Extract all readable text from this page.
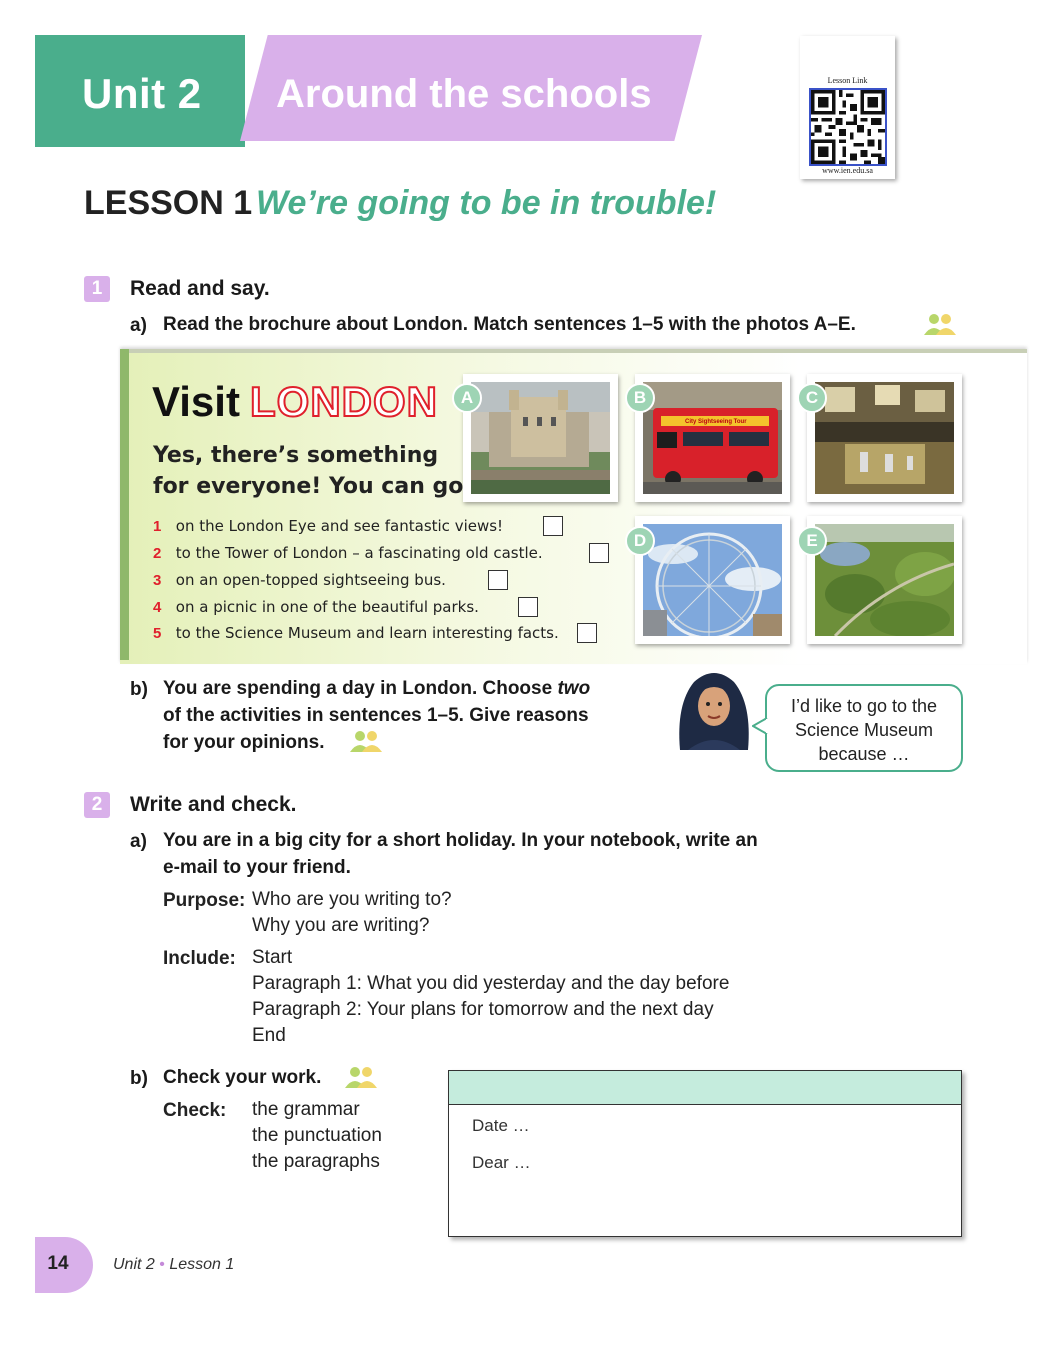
Unit 2 Around the schools	Lesson Link
www.ien.edu.sa
LESSON 1 We’re going to be in trouble!
1	Read and say.
a) Read the brochure about London. Match sentences 1–5 with the photos A–E.
Visit LONDON
Yes, there’s something
for everyone! You can go
1 on the London Eye and see fantastic views!
2 to the Tower of London – a fascinating old castle.
3 on an open-topped sightseeing bus.
4 on a picnic in one of the beautiful parks.
5 to the Science Museum and learn interesting facts.
A
City Sightseeing Tour
B	C
D	E
b) You are spending a day in London. Choose two
of the activities in sentences 1–5. Give reasons
for your opinions.
I’d like to go to the
Science Museum
because …
2	Write and check.
a) You are in a big city for a short holiday. In your notebook, write an
e-mail to your friend.
Purpose: Who are you writing to?
Why you are writing?
Include: Start
Paragraph 1: What you did yesterday and the day before
Paragraph 2: Your plans for tomorrow and the next day
End
b) Check your work.
Check: the grammar
the punctuation
the paragraphs
Date …
Dear …
14	Unit 2 • Lesson 1
